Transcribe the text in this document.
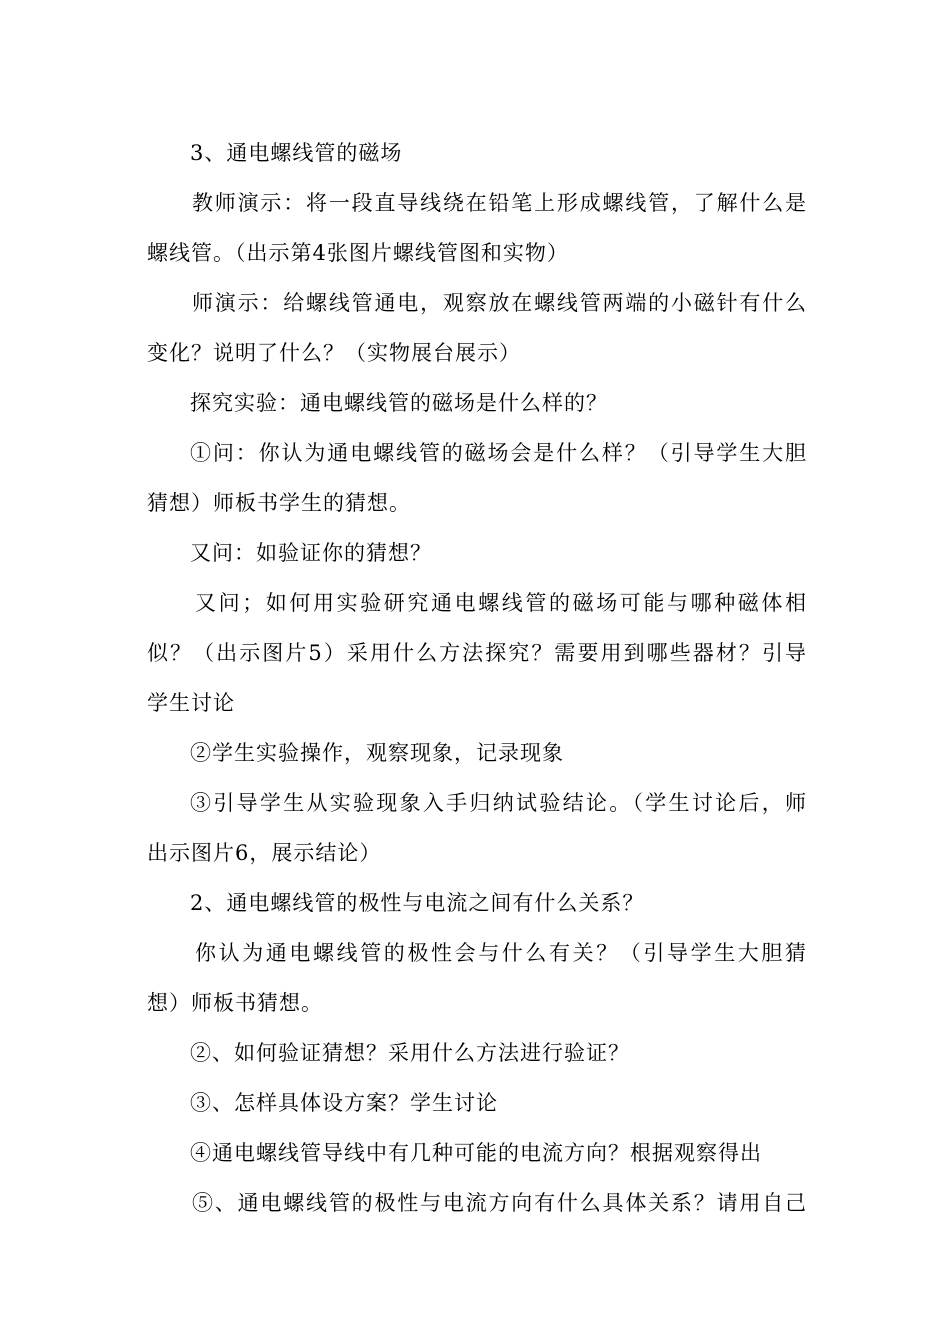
3、通电螺线管的磁场
教师演示：将一段直导线绕在铅笔上形成螺线管，了解什么是
螺线管。（出示第4张图片螺线管图和实物）
师演示：给螺线管通电，观察放在螺线管两端的小磁针有什么
变化？说明了什么？（实物展台展示）
探究实验：通电螺线管的磁场是什么样的？
①问：你认为通电螺线管的磁场会是什么样？（引导学生大胆
猜想）师板书学生的猜想。
又问：如验证你的猜想？
又问；如何用实验研究通电螺线管的磁场可能与哪种磁体相
似？（出示图片5）采用什么方法探究？需要用到哪些器材？引导
学生讨论
②学生实验操作，观察现象，记录现象
③引导学生从实验现象入手归纳试验结论。（学生讨论后，师
出示图片6，展示结论）
2、通电螺线管的极性与电流之间有什么关系？
你认为通电螺线管的极性会与什么有关？（引导学生大胆猜
想）师板书猜想。
②、如何验证猜想？采用什么方法进行验证？
③、怎样具体设方案？学生讨论
④通电螺线管导线中有几种可能的电流方向？根据观察得出
⑤、通电螺线管的极性与电流方向有什么具体关系？请用自己
